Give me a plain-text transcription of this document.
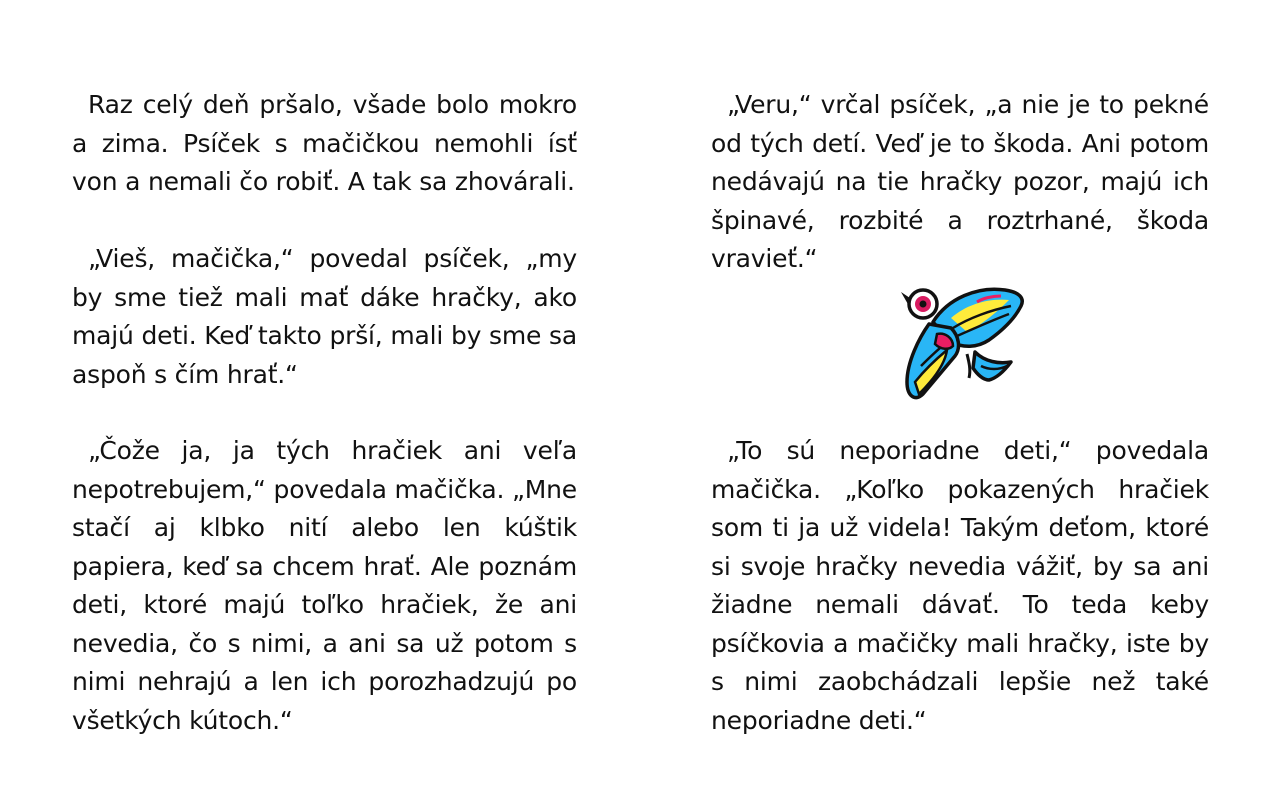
Raz celý deň pršalo, všade bolo mokro a zima. Psíček s mačičkou nemohli ísť von a nemali čo robiť. A tak sa zhovárali.

„Vieš, mačička,“ povedal psíček, „my by sme tiež mali mať dáke hračky, ako majú deti. Keď takto prší, mali by sme sa aspoň s čím hrať.“

„Čože ja, ja tých hračiek ani veľa nepotrebujem,“ povedala mačička. „Mne stačí aj klbko nití alebo len kúštik papiera, keď sa chcem hrať. Ale poznám deti, ktoré majú toľko hračiek, že ani nevedia, čo s nimi, a ani sa už potom s nimi nehrajú a len ich porozhadzujú po všetkých kútoch.“

„Veru,“ vrčal psíček, „a nie je to pekné od tých detí. Veď je to škoda. Ani potom nedávajú na tie hračky pozor, majú ich špinavé, rozbité a roztrhané, škoda vravieť.“

„To sú neporiadne deti,“ povedala mačička. „Koľko pokazených hračiek som ti ja už videla! Takým deťom, ktoré si svoje hračky nevedia vážiť, by sa ani žiadne nemali dávať. To teda keby psíčkovia a mačičky mali hračky, iste by s nimi zaobchádzali lepšie než také neporiadne deti.“
